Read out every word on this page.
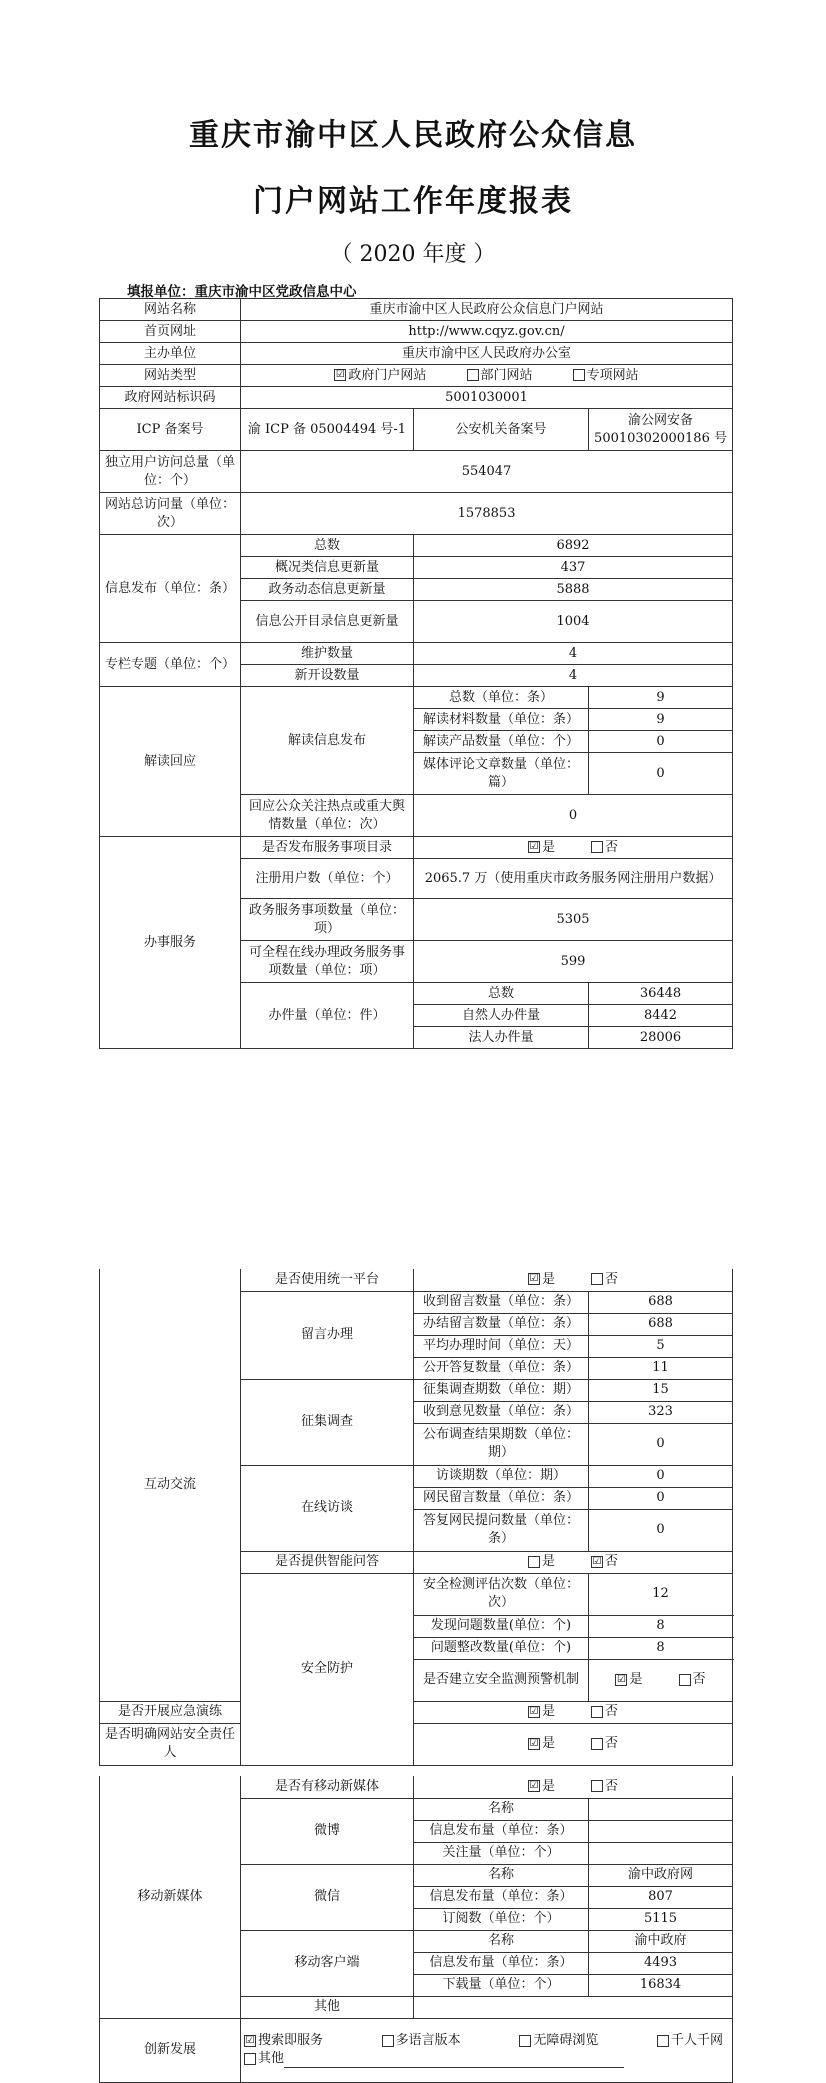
重庆市渝中区人民政府公众信息
门户网站工作年度报表
（ 2020 年度 ）
填报单位：重庆市渝中区党政信息中心
网站名称	重庆市渝中区人民政府公众信息门户网站		
首页网址	http://www.cqyz.gov.cn/		
主办单位	重庆市渝中区人民政府办公室		
网站类型	☑ 政府门户网站 部门网站 专项网站		
政府网站标识码	5001030001		
ICP 备案号	渝 ICP 备 05004494 号-1	公安机关备案号	渝公网安备 50010302000186 号
独立用户访问总量（单位：个）	554047		
网站总访问量（单位：次）	1578853		
信息发布（单位：条）	总数	6892	
	概况类信息更新量	437	
	政务动态信息更新量	5888	
	信息公开目录信息更新量	1004	
专栏专题（单位：个）	维护数量	4	
	新开设数量	4	
解读回应	解读信息发布	总数（单位：条）	9
		解读材料数量（单位：条）	9
		解读产品数量（单位：个）	0
		媒体评论文章数量（单位：篇）	0
	回应公众关注热点或重大舆情数量（单位：次）	0	
办事服务	是否发布服务事项目录	☑ 是 否	
	注册用户数（单位：个）	2065.7 万（使用重庆市政务服务网注册用户数据）	
	政务服务事项数量（单位：项）	5305	
	可全程在线办理政务服务事项数量（单位：项）	599	
	办件量（单位：件）	总数	36448
		自然人办件量	8442
		法人办件量	28006
互动交流	是否使用统一平台	☑ 是 否	
	留言办理	收到留言数量（单位：条）	688
		办结留言数量（单位：条）	688
		平均办理时间（单位：天）	5
		公开答复数量（单位：条）	11
	征集调查	征集调查期数（单位：期）	15
		收到意见数量（单位：条）	323
		公布调查结果期数（单位：期）	0
	在线访谈	访谈期数（单位：期）	0
		网民留言数量（单位：条）	0
		答复网民提问数量（单位：条）	0
	是否提供智能问答	是 ☑ 否	
	安全防护	安全检测评估次数（单位：次）	12
		发现问题数量(单位：个)	8
		问题整改数量(单位：个)	8
		是否建立安全监测预警机制	☑ 是 否
是否开展应急演练		☑ 是 否	
是否明确网站安全责任人		☑ 是 否	
移动新媒体	是否有移动新媒体	☑ 是 否	
	微博	名称	
		信息发布量（单位：条）	
		关注量（单位：个）	
	微信	名称	渝中政府网
		信息发布量（单位：条）	807
		订阅数（单位：个）	5115
	移动客户端	名称	渝中政府
		信息发布量（单位：条）	4493
		下载量（单位：个）	16834
	其他		
创新发展	☑ 搜索即服务 多语言版本 无障碍浏览 千人千网
其他		
